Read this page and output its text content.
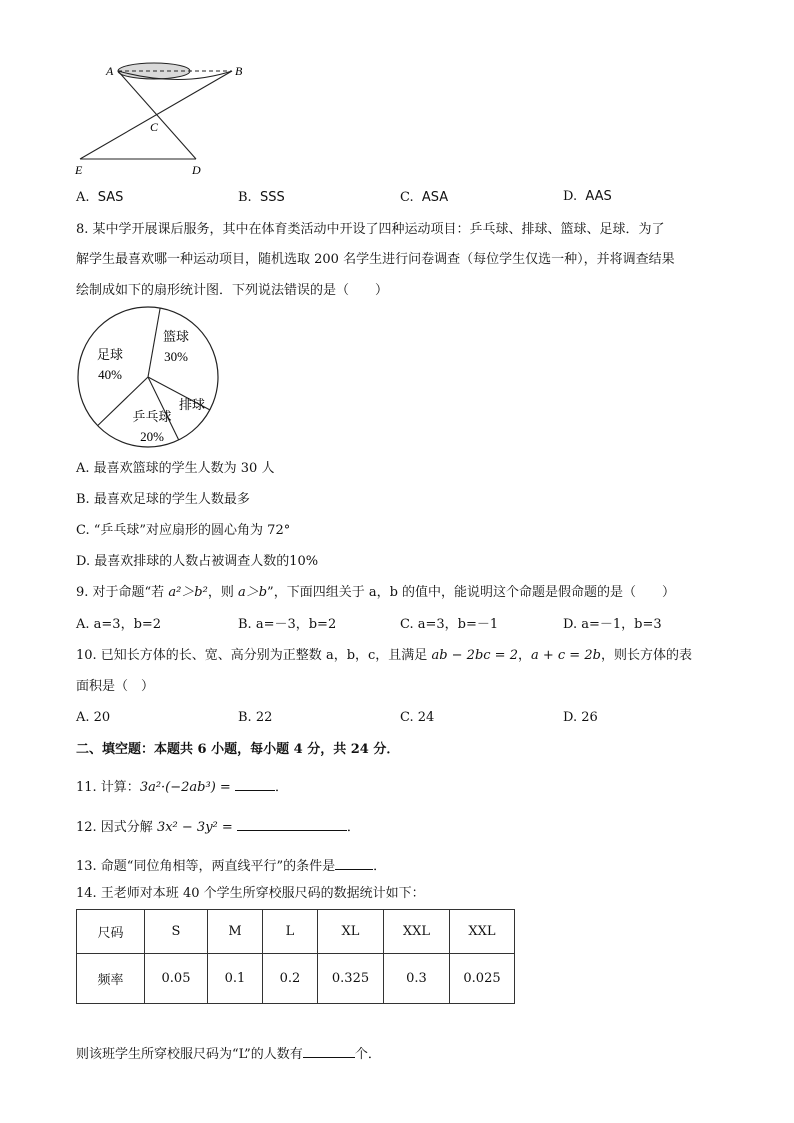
A	B
C
E	D
A. SAS	B. SSS	C. ASA	D. AAS
8. 某中学开展课后服务，其中在体育类活动中开设了四种运动项目：乒乓球、排球、篮球、足球．为了
解学生最喜欢哪一种运动项目，随机选取 200 名学生进行问卷调查（每位学生仅选一种），并将调查结果
绘制成如下的扇形统计图．下列说法错误的是（　　）
篮球
30%
排球
乒乓球
20%
足球
40%
A. 最喜欢篮球的学生人数为 30 人
B. 最喜欢足球的学生人数最多
C. “乒乓球”对应扇形的圆心角为 72°
D. 最喜欢排球的人数占被调查人数的10%
9. 对于命题“若 a²＞b²，则 a＞b”，下面四组关于 a，b 的值中，能说明这个命题是假命题的是（　　）
A. a=3，b=2	B. a=－3，b=2	C. a=3，b=－1	D. a=－1，b=3
10. 已知长方体的长、宽、高分别为正整数 a，b，c，且满足 ab − 2bc = 2，a + c = 2b，则长方体的表
面积是（　）
A. 20	B. 22	C. 24	D. 26
二、填空题：本题共 6 小题，每小题 4 分，共 24 分．
11. 计算：3a²·(−2ab³) =	．
12. 因式分解 3x² − 3y² =	．
13. 命题“同位角相等，两直线平行”的条件是	．
14. 王老师对本班 40 个学生所穿校服尺码的数据统计如下：
尺码	S	M	L	XL	XXL	XXL
频率	0.05	0.1	0.2	0.325	0.3	0.025
则该班学生所穿校服尺码为“L”的人数有	个．
